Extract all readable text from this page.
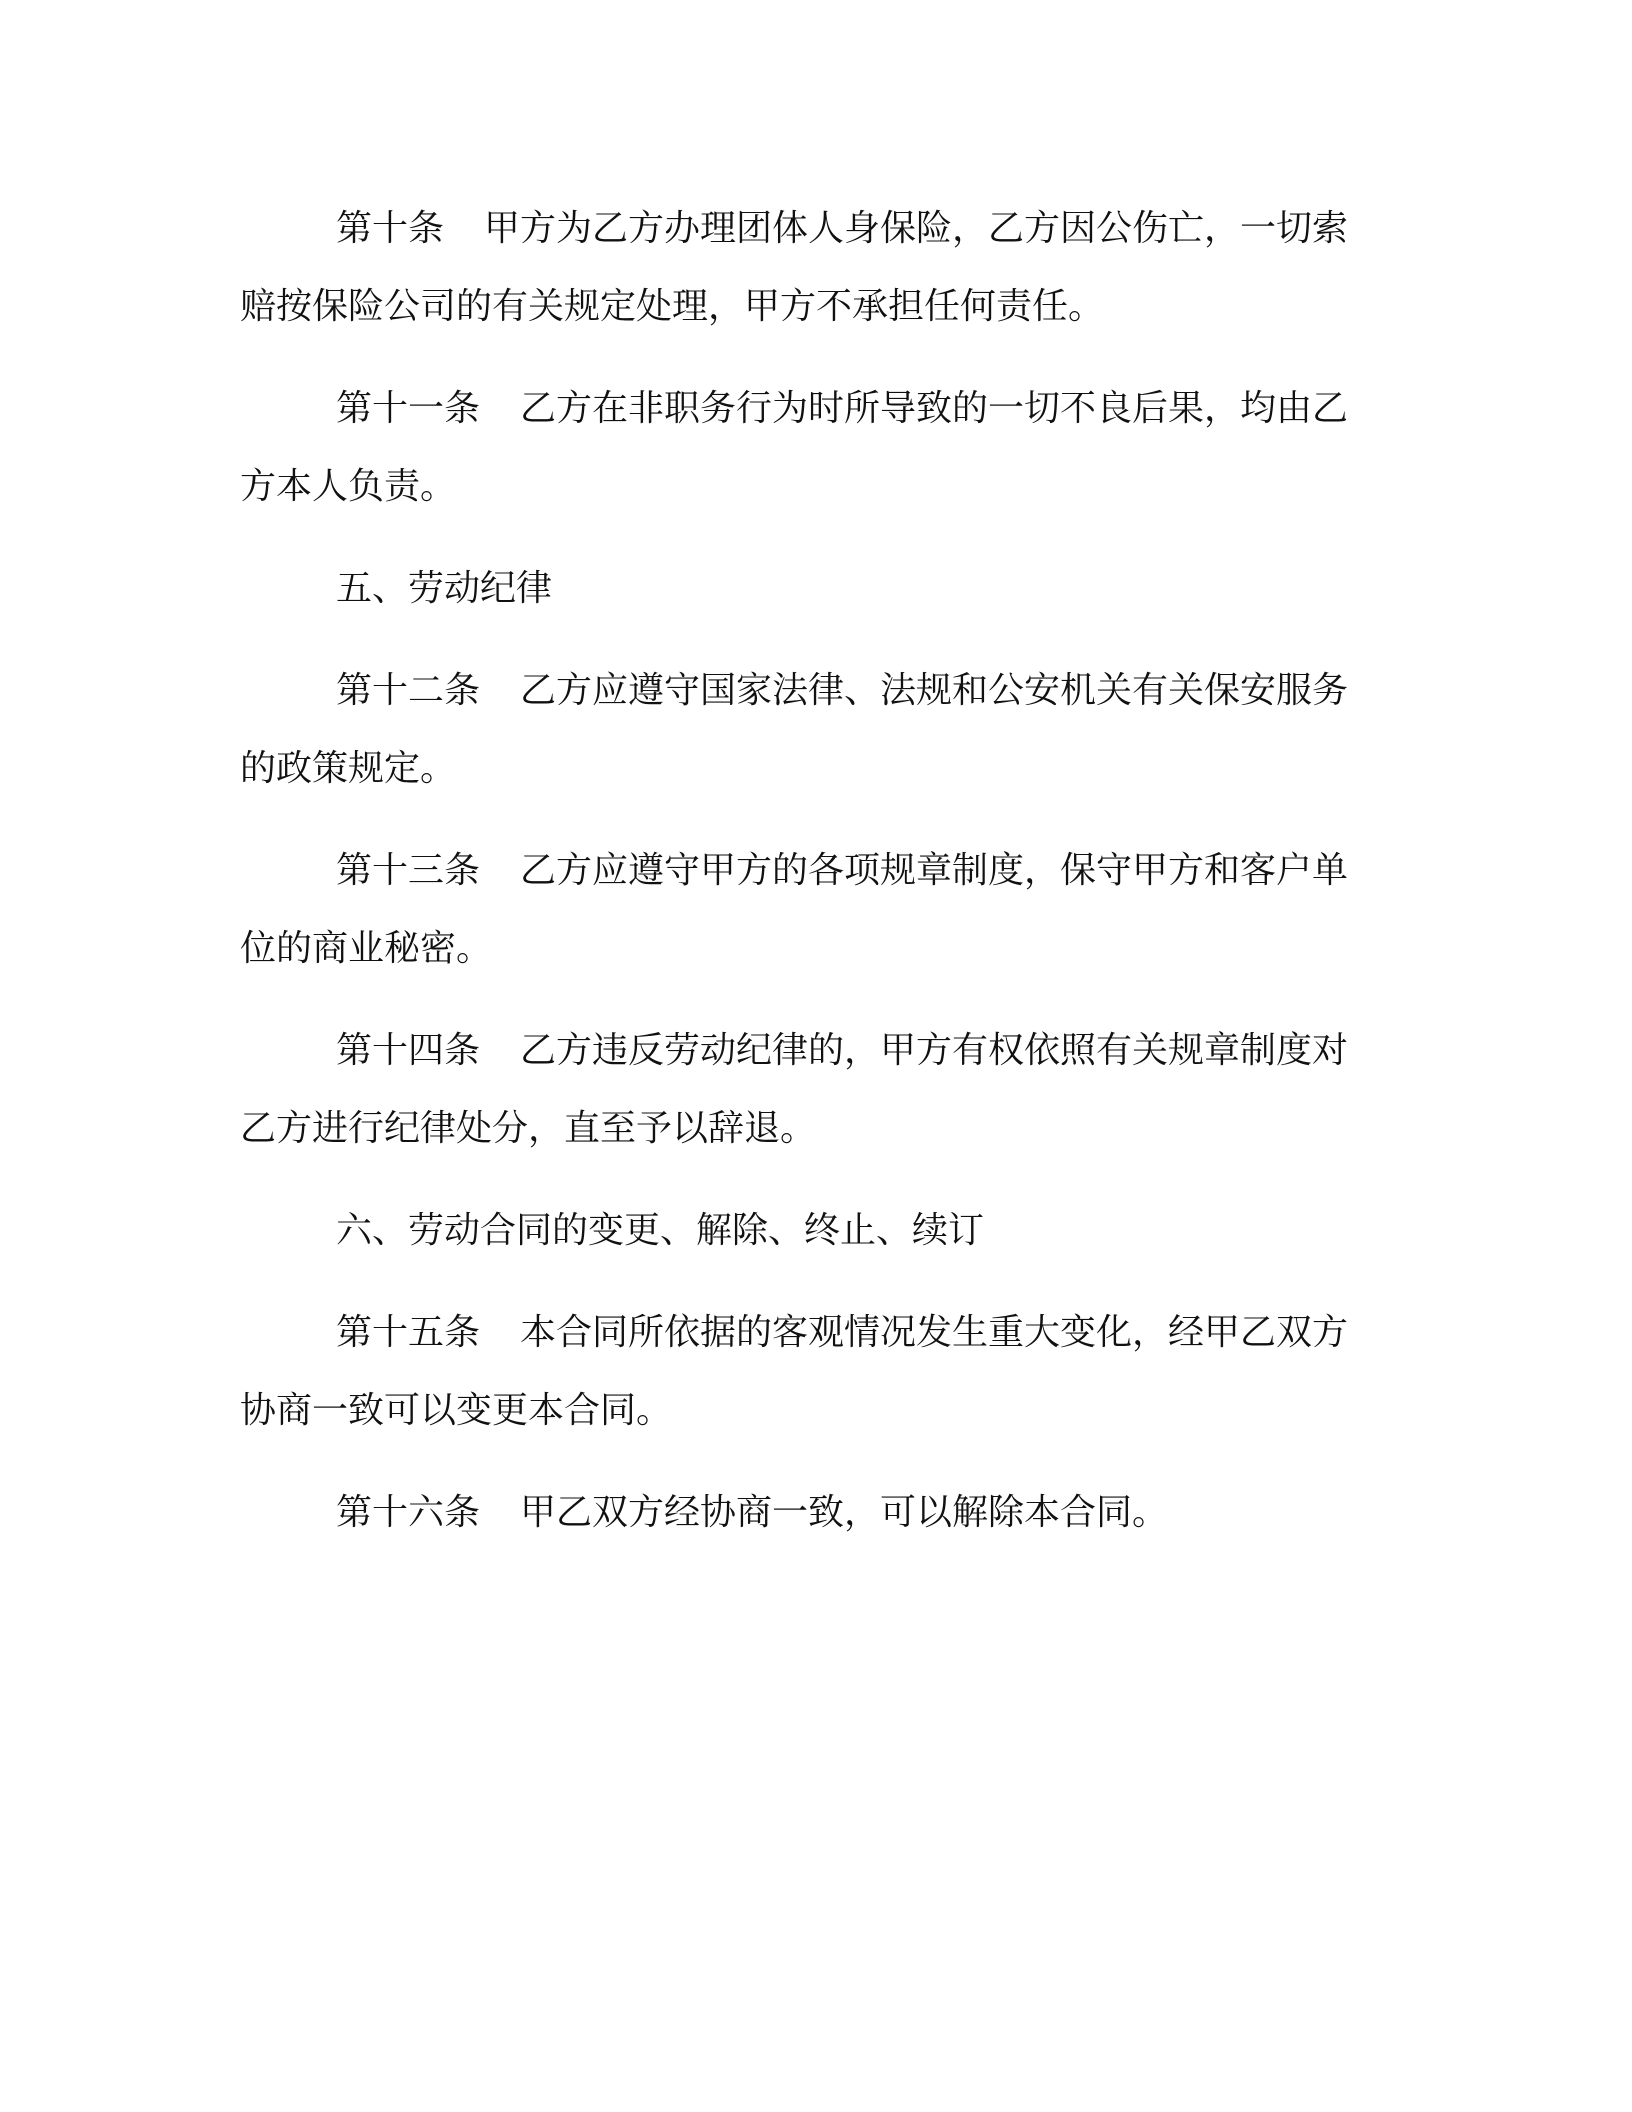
第十条 甲方为乙方办理团体人身保险，乙方因公伤亡，一切索赔按保险公司的有关规定处理，甲方不承担任何责任。

第十一条 乙方在非职务行为时所导致的一切不良后果，均由乙方本人负责。

五、劳动纪律

第十二条 乙方应遵守国家法律、法规和公安机关有关保安服务的政策规定。

第十三条 乙方应遵守甲方的各项规章制度，保守甲方和客户单位的商业秘密。

第十四条 乙方违反劳动纪律的，甲方有权依照有关规章制度对乙方进行纪律处分，直至予以辞退。

六、劳动合同的变更、解除、终止、续订

第十五条 本合同所依据的客观情况发生重大变化，经甲乙双方协商一致可以变更本合同。

第十六条 甲乙双方经协商一致，可以解除本合同。
